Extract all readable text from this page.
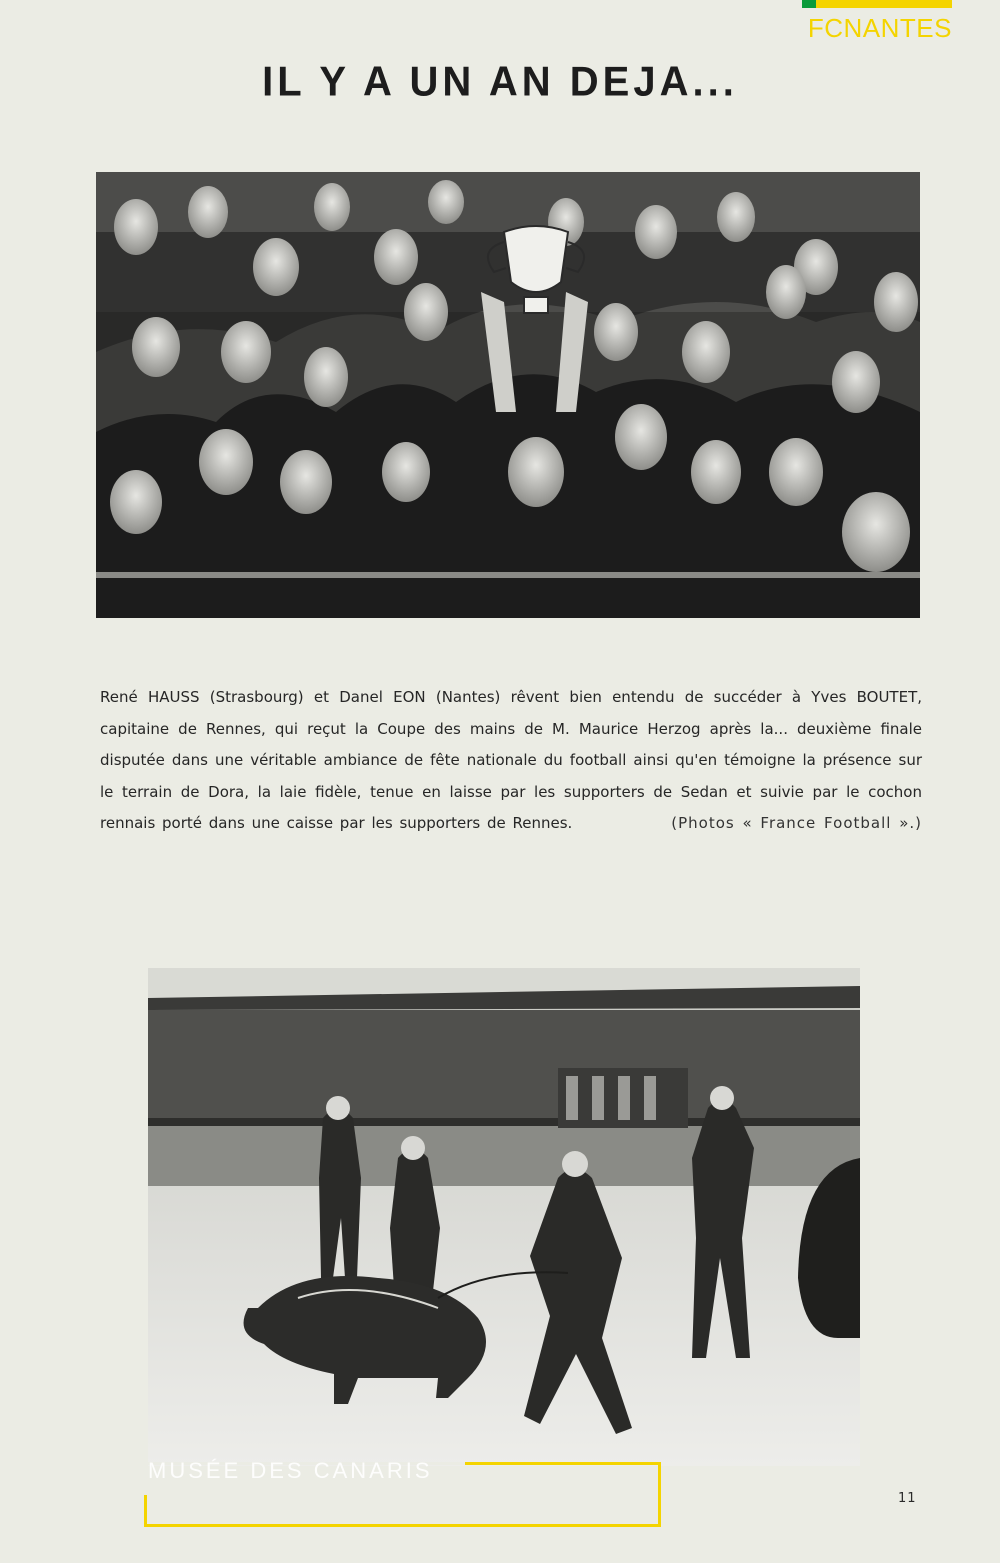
FCNANTES
IL Y A UN AN DEJA...
René HAUSS (Strasbourg) et Danel EON (Nantes) rêvent bien entendu de succéder à Yves BOUTET, capitaine de Rennes, qui reçut la Coupe des mains de M. Maurice Herzog après la... deuxième finale disputée dans une véritable ambiance de fête nationale du football ainsi qu'en témoigne la présence sur le terrain de Dora, la laie fidèle, tenue en laisse par les supporters de Sedan et suivie par le cochon rennais porté dans une caisse par les supporters de Rennes.	(Photos « France Football ».)
MUSÉE DES CANARIS
11
